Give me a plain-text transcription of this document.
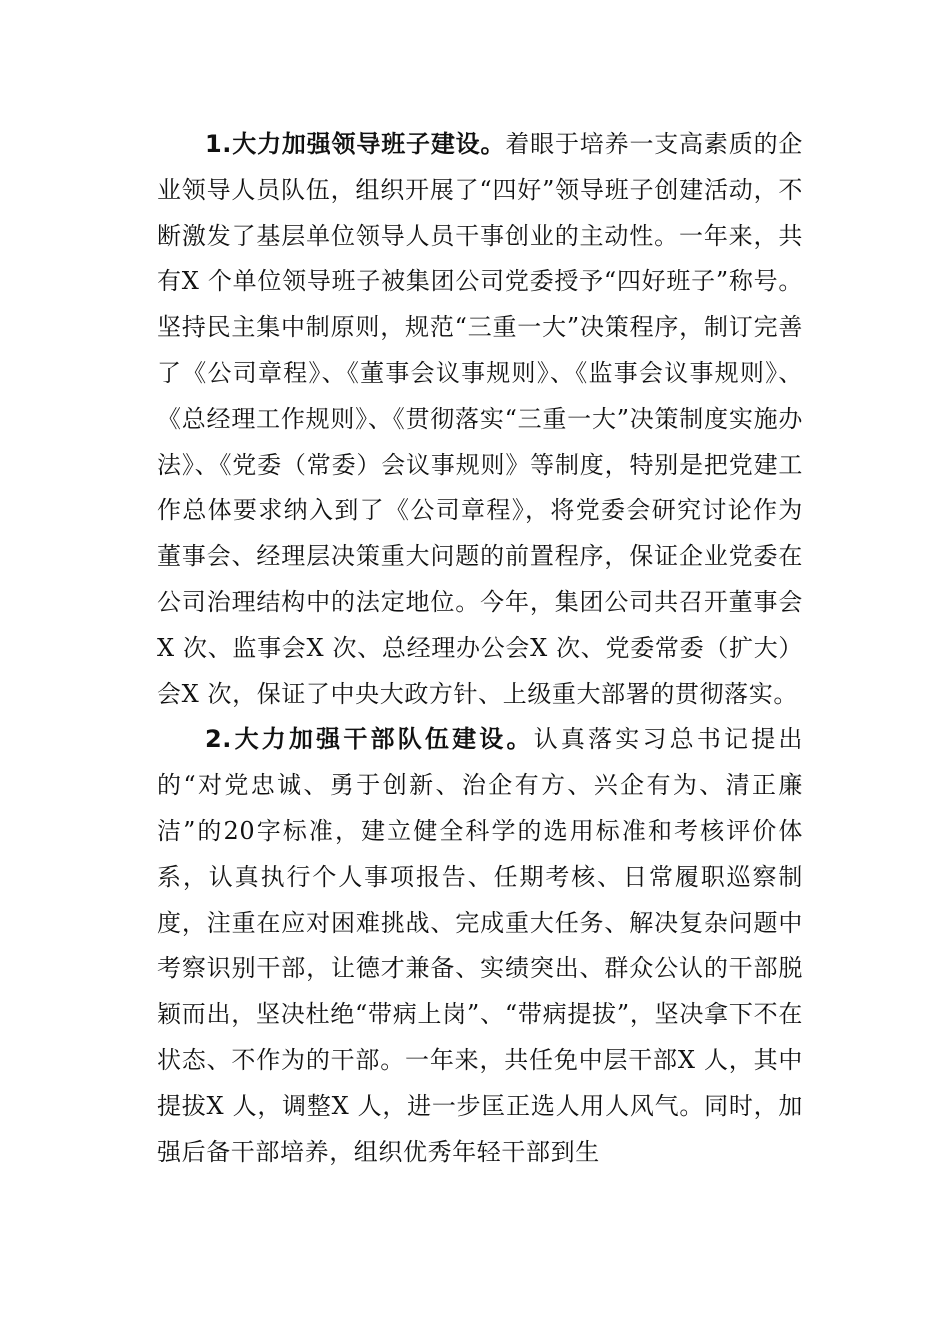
1.大力加强领导班子建设。着眼于培养一支高素质的企业领导人员队伍，组织开展了“四好”领导班子创建活动，不断激发了基层单位领导人员干事创业的主动性。一年来，共有X 个单位领导班子被集团公司党委授予“四好班子”称号。坚持民主集中制原则，规范“三重一大”决策程序，制订完善了《公司章程》、《董事会议事规则》、《监事会议事规则》、《总经理工作规则》、《贯彻落实“三重一大”决策制度实施办法》、《党委（常委）会议事规则》等制度，特别是把党建工作总体要求纳入到了《公司章程》，将党委会研究讨论作为董事会、经理层决策重大问题的前置程序，保证企业党委在公司治理结构中的法定地位。今年，集团公司共召开董事会X 次、监事会X 次、总经理办公会X 次、党委常委（扩大）会X 次，保证了中央大政方针、上级重大部署的贯彻落实。

2.大力加强干部队伍建设。认真落实习总书记提出的“对党忠诚、勇于创新、治企有方、兴企有为、清正廉洁”的20字标准，建立健全科学的选用标准和考核评价体系，认真执行个人事项报告、任期考核、日常履职巡察制度，注重在应对困难挑战、完成重大任务、解决复杂问题中考察识别干部，让德才兼备、实绩突出、群众公认的干部脱颖而出，坚决杜绝“带病上岗”、“带病提拔”，坚决拿下不在状态、不作为的干部。一年来，共任免中层干部X 人，其中提拔X 人，调整X 人，进一步匡正选人用人风气。同时，加强后备干部培养，组织优秀年轻干部到生
